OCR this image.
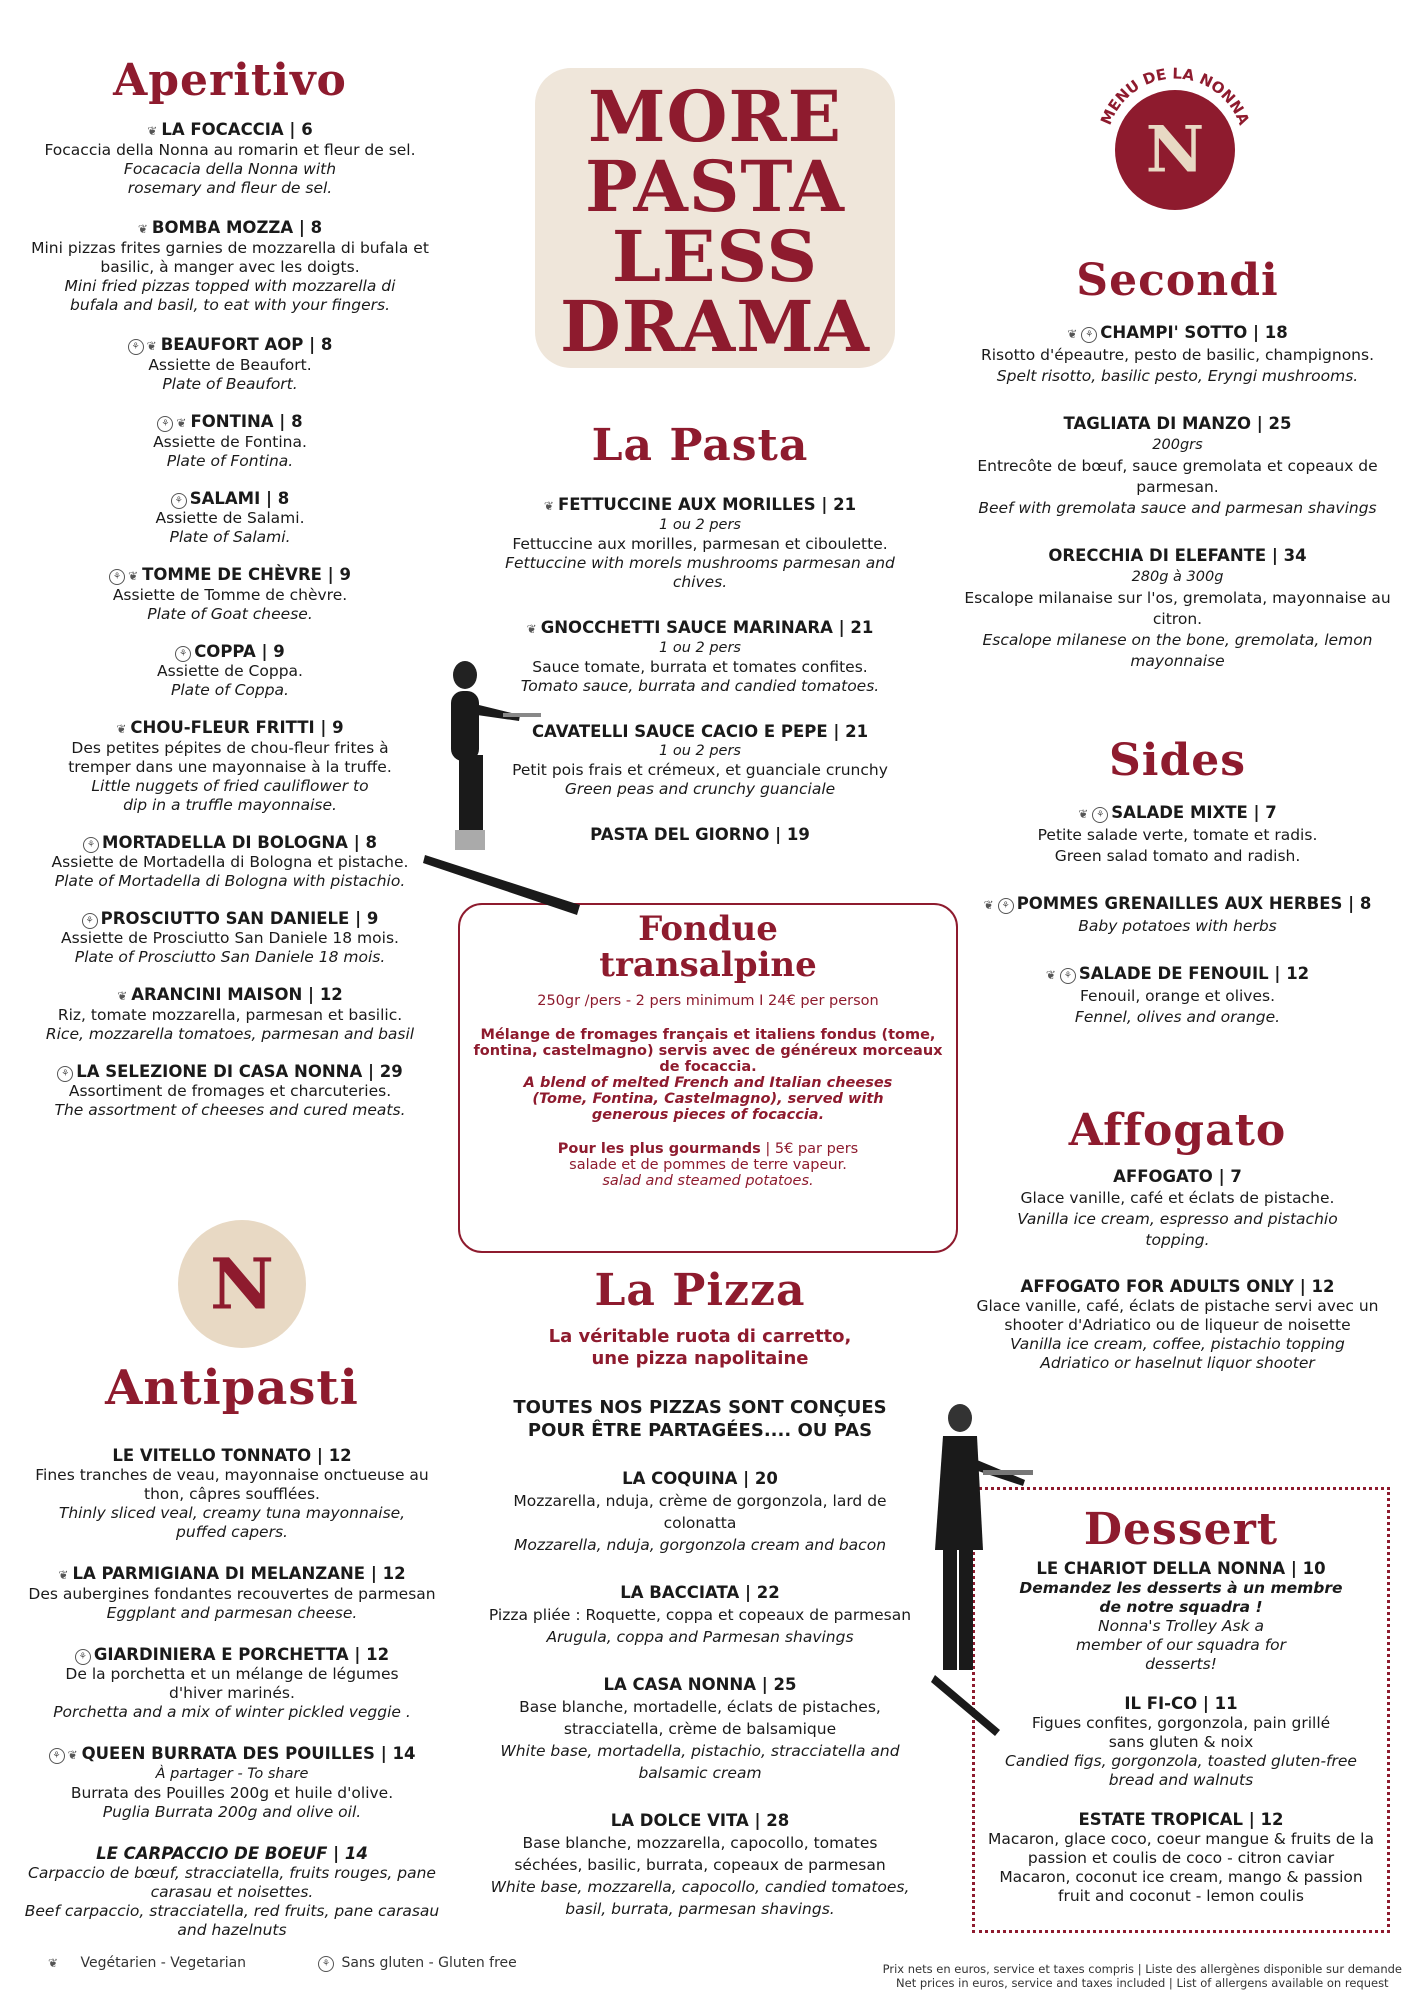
MORE
PASTA
LESS
DRAMA
MENU DE LA NONNA
N
N
Aperitivo
❦ LA FOCACCIA | 6
Focaccia della Nonna au romarin et fleur de sel.
Focacacia della Nonna with rosemary and fleur de sel.
❦ BOMBA MOZZA | 8
Mini pizzas frites garnies de mozzarella di bufala et basilic, à manger avec les doigts.
Mini fried pizzas topped with mozzarella di bufala and basil, to eat with your fingers.
⚘ ❦ BEAUFORT AOP | 8
Assiette de Beaufort.
Plate of Beaufort.
⚘ ❦ FONTINA | 8
Assiette de Fontina.
Plate of Fontina.
⚘ SALAMI | 8
Assiette de Salami.
Plate of Salami.
⚘ ❦ TOMME DE CHÈVRE | 9
Assiette de Tomme de chèvre.
Plate of Goat cheese.
⚘ COPPA | 9
Assiette de Coppa.
Plate of Coppa.
❦ CHOU-FLEUR FRITTI | 9
Des petites pépites de chou-fleur frites à tremper dans une mayonnaise à la truffe.
Little nuggets of fried cauliflower to dip in a truffle mayonnaise.
⚘ MORTADELLA DI BOLOGNA | 8
Assiette de Mortadella di Bologna et pistache.
Plate of Mortadella di Bologna with pistachio.
⚘ PROSCIUTTO SAN DANIELE | 9
Assiette de Prosciutto San Daniele 18 mois.
Plate of Prosciutto San Daniele 18 mois.
❦ ARANCINI MAISON | 12
Riz, tomate mozzarella, parmesan et basilic.
Rice, mozzarella tomatoes, parmesan and basil
⚘ LA SELEZIONE DI CASA NONNA | 29
Assortiment de fromages et charcuteries.
The assortment of cheeses and cured meats.
Antipasti
LE VITELLO TONNATO | 12
Fines tranches de veau, mayonnaise onctueuse au thon, câpres soufflées.
Thinly sliced veal, creamy tuna mayonnaise, puffed capers.
❦ LA PARMIGIANA DI MELANZANE | 12
Des aubergines fondantes recouvertes de parmesan
Eggplant and parmesan cheese.
⚘ GIARDINIERA E PORCHETTA | 12
De la porchetta et un mélange de légumes d'hiver marinés.
Porchetta and a mix of winter pickled veggie .
⚘ ❦ QUEEN BURRATA DES POUILLES | 14
À partager - To share
Burrata des Pouilles 200g et huile d'olive.
Puglia Burrata 200g and olive oil.
LE CARPACCIO DE BOEUF | 14
Carpaccio de bœuf, stracciatella, fruits rouges, pane carasau et noisettes.
Beef carpaccio, stracciatella, red fruits, pane carasau and hazelnuts
La Pasta
❦ FETTUCCINE AUX MORILLES | 21
1 ou 2 pers
Fettuccine aux morilles, parmesan et ciboulette.
Fettuccine with morels mushrooms parmesan and chives.
❦ GNOCCHETTI SAUCE MARINARA | 21
1 ou 2 pers
Sauce tomate, burrata et tomates confites.
Tomato sauce, burrata and candied tomatoes.
CAVATELLI SAUCE CACIO E PEPE | 21
1 ou 2 pers
Petit pois frais et crémeux, et guanciale crunchy
Green peas and crunchy guanciale
PASTA DEL GIORNO | 19
Fondue
transalpine
250gr /pers - 2 pers minimum I 24€ per person
Mélange de fromages français et italiens fondus (tome, fontina, castelmagno) servis avec de généreux morceaux de focaccia.
A blend of melted French and Italian cheeses (Tome, Fontina, Castelmagno), served with generous pieces of focaccia.
Pour les plus gourmands | 5€ par pers
salade et de pommes de terre vapeur.
salad and steamed potatoes.
La Pizza
La véritable ruota di carretto, une pizza napolitaine
TOUTES NOS PIZZAS SONT CONÇUES POUR ÊTRE PARTAGÉES.... OU PAS
LA COQUINA | 20
Mozzarella, nduja, crème de gorgonzola, lard de colonatta
Mozzarella, nduja, gorgonzola cream and bacon
LA BACCIATA | 22
Pizza pliée : Roquette, coppa et copeaux de parmesan
Arugula, coppa and Parmesan shavings
LA CASA NONNA | 25
Base blanche, mortadelle, éclats de pistaches, stracciatella, crème de balsamique
White base, mortadella, pistachio, stracciatella and balsamic cream
LA DOLCE VITA | 28
Base blanche, mozzarella, capocollo, tomates séchées, basilic, burrata, copeaux de parmesan
White base, mozzarella, capocollo, candied tomatoes, basil, burrata, parmesan shavings.
Secondi
❦ ⚘ CHAMPI' SOTTO | 18
Risotto d'épeautre, pesto de basilic, champignons.
Spelt risotto, basilic pesto, Eryngi mushrooms.
TAGLIATA DI MANZO | 25
200grs
Entrecôte de bœuf, sauce gremolata et copeaux de parmesan.
Beef with gremolata sauce and parmesan shavings
ORECCHIA DI ELEFANTE | 34
280g à 300g
Escalope milanaise sur l'os, gremolata, mayonnaise au citron.
Escalope milanese on the bone, gremolata, lemon mayonnaise
Sides
❦ ⚘ SALADE MIXTE | 7
Petite salade verte, tomate et radis.
Green salad tomato and radish.
❦ ⚘ POMMES GRENAILLES AUX HERBES | 8
Baby potatoes with herbs
❦ ⚘ SALADE DE FENOUIL | 12
Fenouil, orange et olives.
Fennel, olives and orange.
Affogato
AFFOGATO | 7
Glace vanille, café et éclats de pistache.
Vanilla ice cream, espresso and pistachio topping.
AFFOGATO FOR ADULTS ONLY | 12
Glace vanille, café, éclats de pistache servi avec un shooter d'Adriatico ou de liqueur de noisette
Vanilla ice cream, coffee, pistachio topping Adriatico or haselnut liquor shooter
Dessert
LE CHARIOT DELLA NONNA | 10
Demandez les desserts à un membre de notre squadra !
Nonna's Trolley Ask a member of our squadra for desserts!
IL FI-CO | 11
Figues confites, gorgonzola, pain grillé sans gluten & noix
Candied figs, gorgonzola, toasted gluten-free bread and walnuts
ESTATE TROPICAL | 12
Macaron, glace coco, coeur mangue & fruits de la passion et coulis de coco - citron caviar
Macaron, coconut ice cream, mango & passion fruit and coconut - lemon coulis
❦ Vegétarien - Vegetarian	⚘ Sans gluten - Gluten free	Prix nets en euros, service et taxes compris | Liste des allergènes disponible sur demande
Net prices in euros, service and taxes included | List of allergens available on request
